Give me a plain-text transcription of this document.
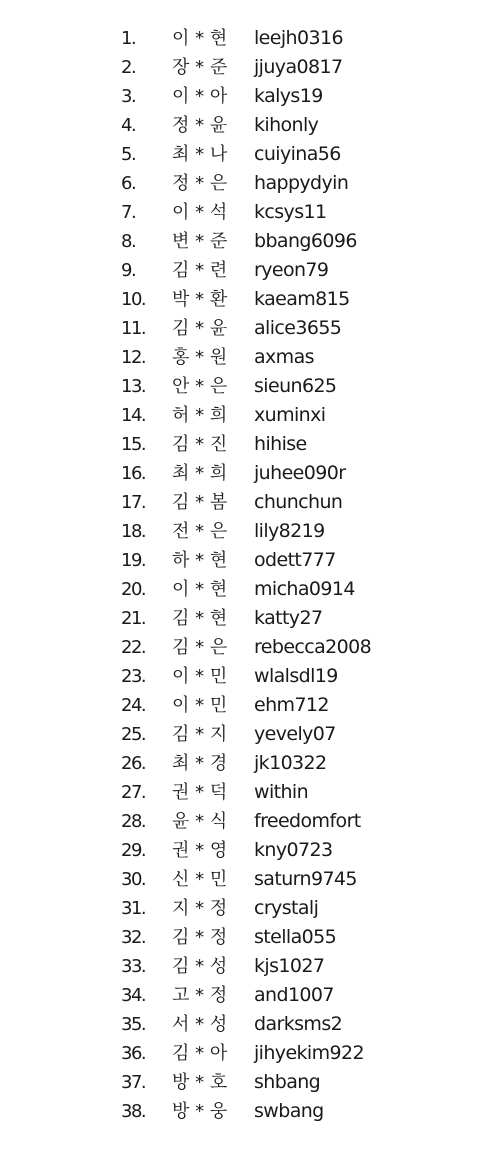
1.	이 * 현 leejh0316
2.	장 * 준 jjuya0817
3.	이 * 아 kalys19
4.	정 * 윤 kihonly
5.	최 * 나 cuiyina56
6.	정 * 은 happydyin
7.	이 * 석 kcsys11
8.	변 * 준 bbang6096
9.	김 * 련 ryeon79
10.	박 * 환 kaeam815
11.	김 * 윤 alice3655
12.	홍 * 원 axmas
13.	안 * 은 sieun625
14.	허 * 희 xuminxi
15.	김 * 진 hihise
16.	최 * 희 juhee090r
17.	김 * 봄 chunchun
18.	전 * 은 lily8219
19.	하 * 현 odett777
20.	이 * 현 micha0914
21.	김 * 현 katty27
22.	김 * 은 rebecca2008
23.	이 * 민 wlalsdl19
24.	이 * 민 ehm712
25.	김 * 지 yevely07
26.	최 * 경 jk10322
27.	권 * 덕 within
28.	윤 * 식 freedomfort
29.	권 * 영 kny0723
30.	신 * 민 saturn9745
31.	지 * 정 crystalj
32.	김 * 정 stella055
33.	김 * 성 kjs1027
34.	고 * 정 and1007
35.	서 * 성 darksms2
36.	김 * 아 jihyekim922
37.	방 * 호 shbang
38.	방 * 웅 swbang
